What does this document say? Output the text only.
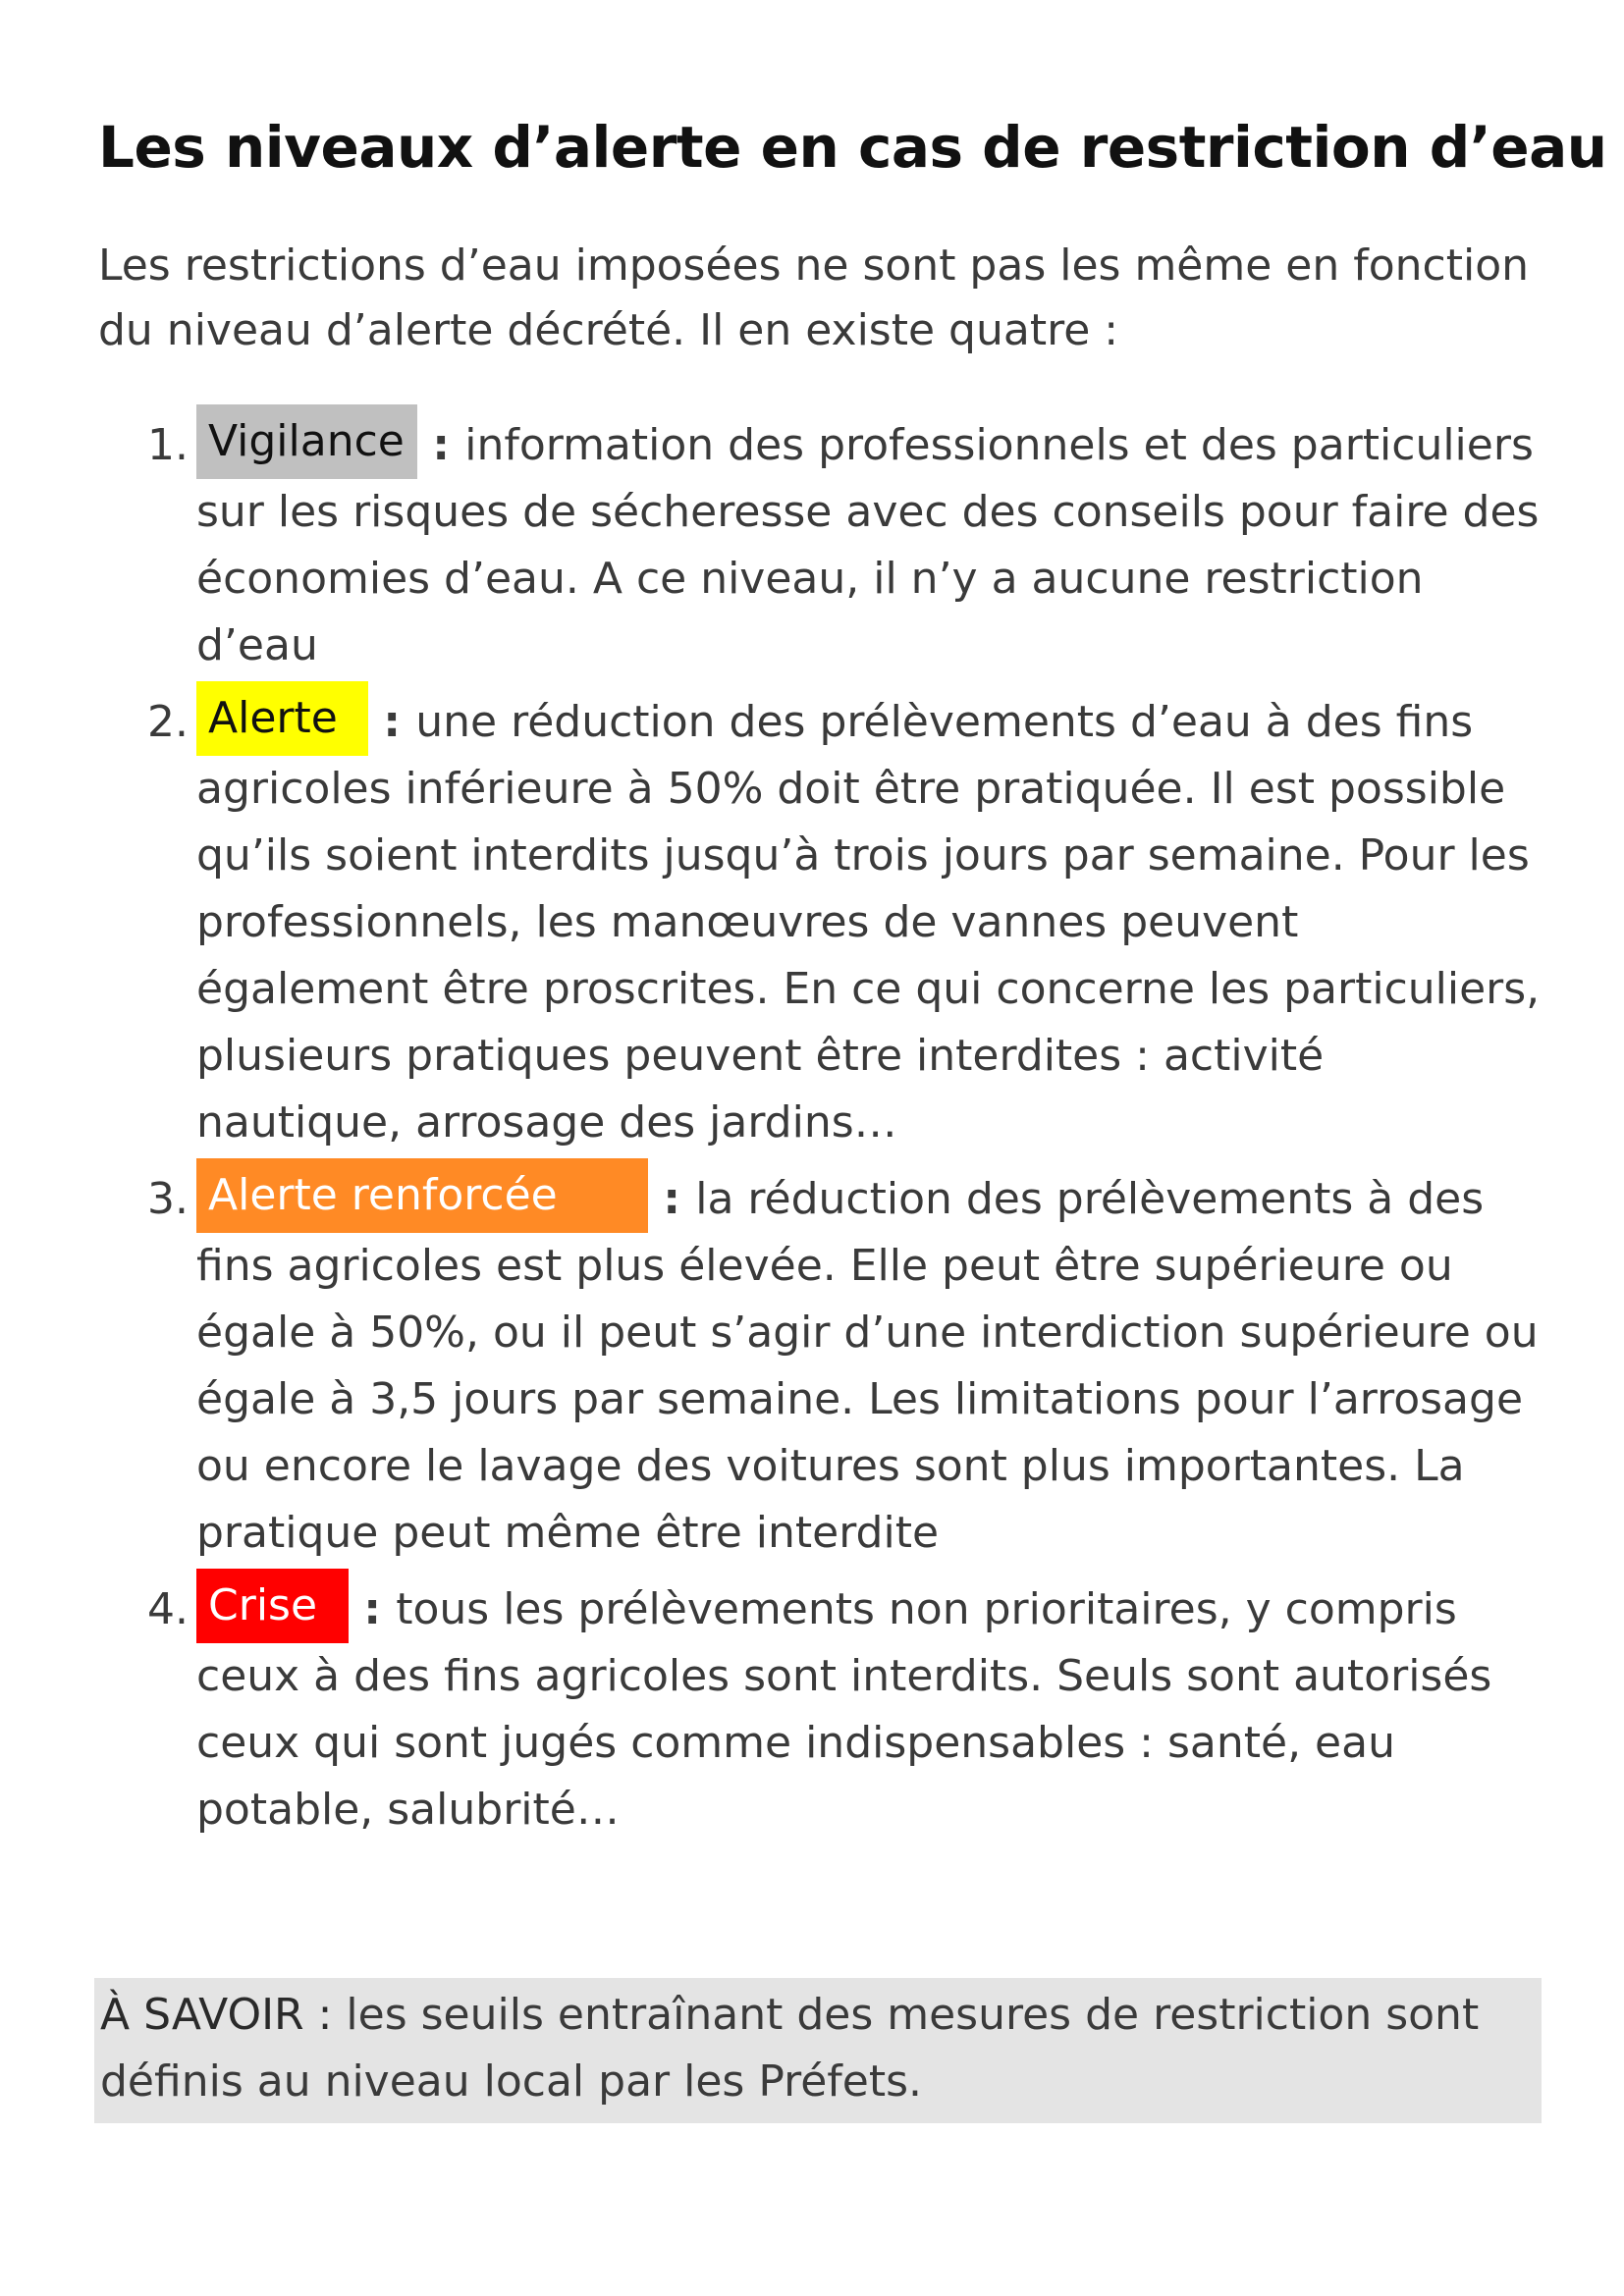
Les niveaux d’alerte en cas de restriction d’eau

Les restrictions d’eau imposées ne sont pas les même en fonction du niveau d’alerte décrété. Il en existe quatre :

1. Vigilance : information des professionnels et des particuliers sur les risques de sécheresse avec des conseils pour faire des économies d’eau. A ce niveau, il n’y a aucune restriction d’eau
2. Alerte : une réduction des prélèvements d’eau à des fins agricoles inférieure à 50% doit être pratiquée. Il est possible qu’ils soient interdits jusqu’à trois jours par semaine. Pour les professionnels, les manœuvres de vannes peuvent également être proscrites. En ce qui concerne les particuliers, plusieurs pratiques peuvent être interdites : activité nautique, arrosage des jardins…
3. Alerte renforcée : la réduction des prélèvements à des fins agricoles est plus élevée. Elle peut être supérieure ou égale à 50%, ou il peut s’agir d’une interdiction supérieure ou égale à 3,5 jours par semaine. Les limitations pour l’arrosage ou encore le lavage des voitures sont plus importantes. La pratique peut même être interdite
4. Crise : tous les prélèvements non prioritaires, y compris ceux à des fins agricoles sont interdits. Seuls sont autorisés ceux qui sont jugés comme indispensables : santé, eau potable, salubrité…
À SAVOIR : les seuils entraînant des mesures de restriction sont définis au niveau local par les Préfets.
